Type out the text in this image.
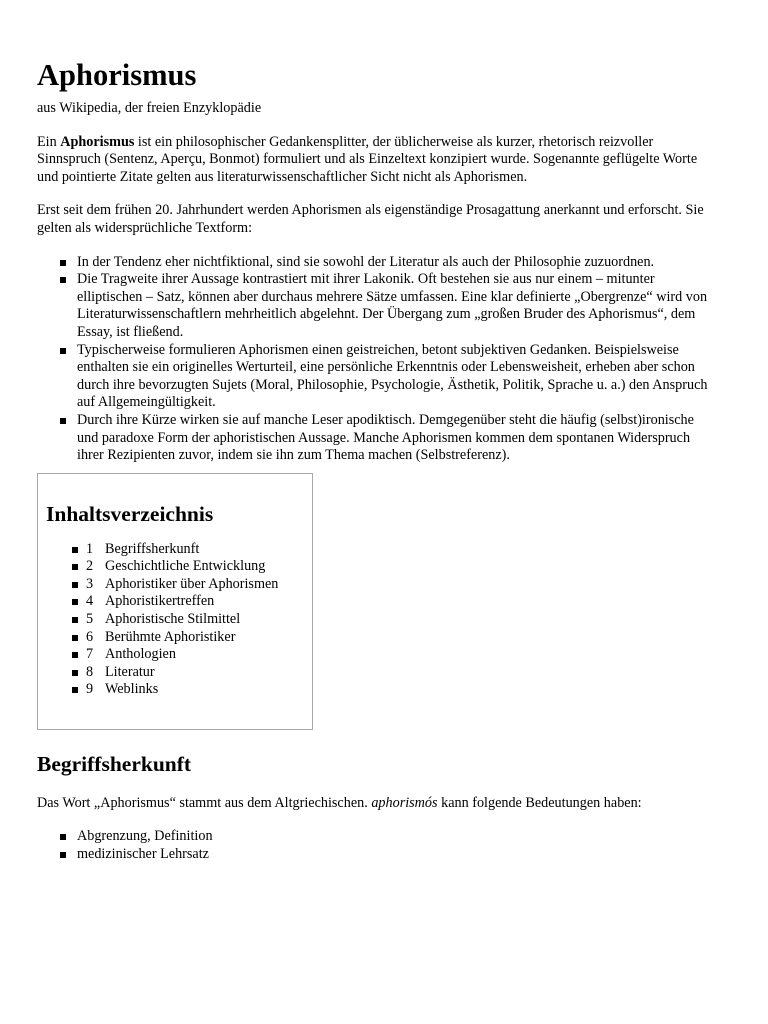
Aphorismus
aus Wikipedia, der freien Enzyklopädie

Ein Aphorismus ist ein philosophischer Gedankensplitter, der üblicherweise als kurzer, rhetorisch reizvoller Sinnspruch (Sentenz, Aperçu, Bonmot) formuliert und als Einzeltext konzipiert wurde. Sogenannte geflügelte Worte und pointierte Zitate gelten aus literaturwissenschaftlicher Sicht nicht als Aphorismen.

Erst seit dem frühen 20. Jahrhundert werden Aphorismen als eigenständige Prosagattung anerkannt und erforscht. Sie gelten als widersprüchliche Textform:

In der Tendenz eher nichtfiktional, sind sie sowohl der Literatur als auch der Philosophie zuzuordnen.
Die Tragweite ihrer Aussage kontrastiert mit ihrer Lakonik. Oft bestehen sie aus nur einem – mitunter elliptischen – Satz, können aber durchaus mehrere Sätze umfassen. Eine klar definierte „Obergrenze“ wird von Literaturwissenschaftlern mehrheitlich abgelehnt. Der Übergang zum „großen Bruder des Aphorismus“, dem Essay, ist fließend.
Typischerweise formulieren Aphorismen einen geistreichen, betont subjektiven Gedanken. Beispielsweise enthalten sie ein originelles Werturteil, eine persönliche Erkenntnis oder Lebensweisheit, erheben aber schon durch ihre bevorzugten Sujets (Moral, Philosophie, Psychologie, Ästhetik, Politik, Sprache u. a.) den Anspruch auf Allgemeingültigkeit.
Durch ihre Kürze wirken sie auf manche Leser apodiktisch. Demgegenüber steht die häufig (selbst)ironische und paradoxe Form der aphoristischen Aussage. Manche Aphorismen kommen dem spontanen Widerspruch ihrer Rezipienten zuvor, indem sie ihn zum Thema machen (Selbstreferenz).
Inhaltsverzeichnis
1 Begriffsherkunft
2 Geschichtliche Entwicklung
3 Aphoristiker über Aphorismen
4 Aphoristikertreffen
5 Aphoristische Stilmittel
6 Berühmte Aphoristiker
7 Anthologien
8 Literatur
9 Weblinks
Begriffsherkunft

Das Wort „Aphorismus“ stammt aus dem Altgriechischen. aphorismós kann folgende Bedeutungen haben:

Abgrenzung, Definition
medizinischer Lehrsatz
